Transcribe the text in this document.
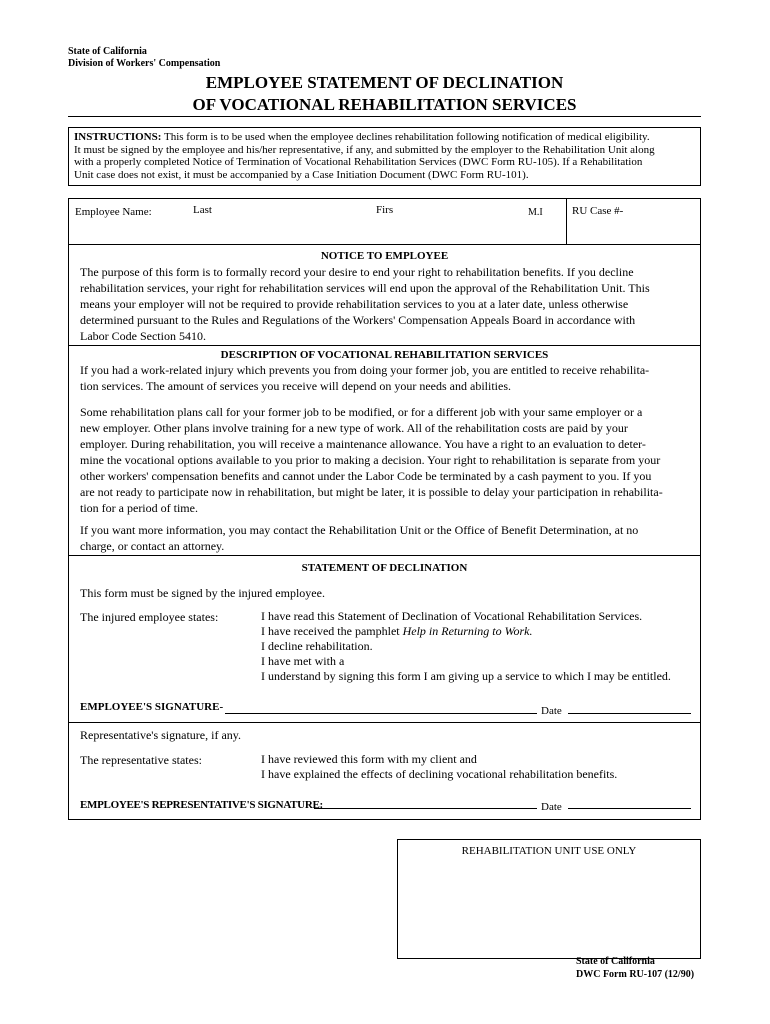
State of California
Division of Workers' Compensation
EMPLOYEE STATEMENT OF DECLINATION
OF VOCATIONAL REHABILITATION SERVICES
INSTRUCTIONS: This form is to be used when the employee declines rehabilitation following notification of medical eligibility.
It must be signed by the employee and his/her representative, if any, and submitted by the employer to the Rehabilitation Unit along
with a properly completed Notice of Termination of Vocational Rehabilitation Services (DWC Form RU-105). If a Rehabilitation
Unit case does not exist, it must be accompanied by a Case Initiation Document (DWC Form RU-101).
Employee Name:	Last	Firs	M.I	RU Case #-
NOTICE TO EMPLOYEE
The purpose of this form is to formally record your desire to end your right to rehabilitation benefits. If you decline
rehabilitation services, your right for rehabilitation services will end upon the approval of the Rehabilitation Unit. This
means your employer will not be required to provide rehabilitation services to you at a later date, unless otherwise
determined pursuant to the Rules and Regulations of the Workers' Compensation Appeals Board in accordance with
Labor Code Section 5410.
DESCRIPTION OF VOCATIONAL REHABILITATION SERVICES
If you had a work-related injury which prevents you from doing your former job, you are entitled to receive rehabilita-
tion services. The amount of services you receive will depend on your needs and abilities.
Some rehabilitation plans call for your former job to be modified, or for a different job with your same employer or a
new employer. Other plans involve training for a new type of work. All of the rehabilitation costs are paid by your
employer. During rehabilitation, you will receive a maintenance allowance. You have a right to an evaluation to deter-
mine the vocational options available to you prior to making a decision. Your right to rehabilitation is separate from your
other workers' compensation benefits and cannot under the Labor Code be terminated by a cash payment to you. If you
are not ready to participate now in rehabilitation, but might be later, it is possible to delay your participation in rehabilita-
tion for a period of time.
If you want more information, you may contact the Rehabilitation Unit or the Office of Benefit Determination, at no
charge, or contact an attorney.
STATEMENT OF DECLINATION
This form must be signed by the injured employee.
The injured employee states:	I have read this Statement of Declination of Vocational Rehabilitation Services.
I have received the pamphlet Help in Returning to Work.
I decline rehabilitation.
I have met with a
I understand by signing this form I am giving up a service to which I may be entitled.
EMPLOYEE'S SIGNATURE-	Date
Representative's signature, if any.
The representative states:	I have reviewed this form with my client and
I have explained the effects of declining vocational rehabilitation benefits.
EMPLOYEE'S REPRESENTATIVE'S SIGNATURE:	Date
REHABILITATION UNIT USE ONLY
State of California
DWC Form RU-107 (12/90)
